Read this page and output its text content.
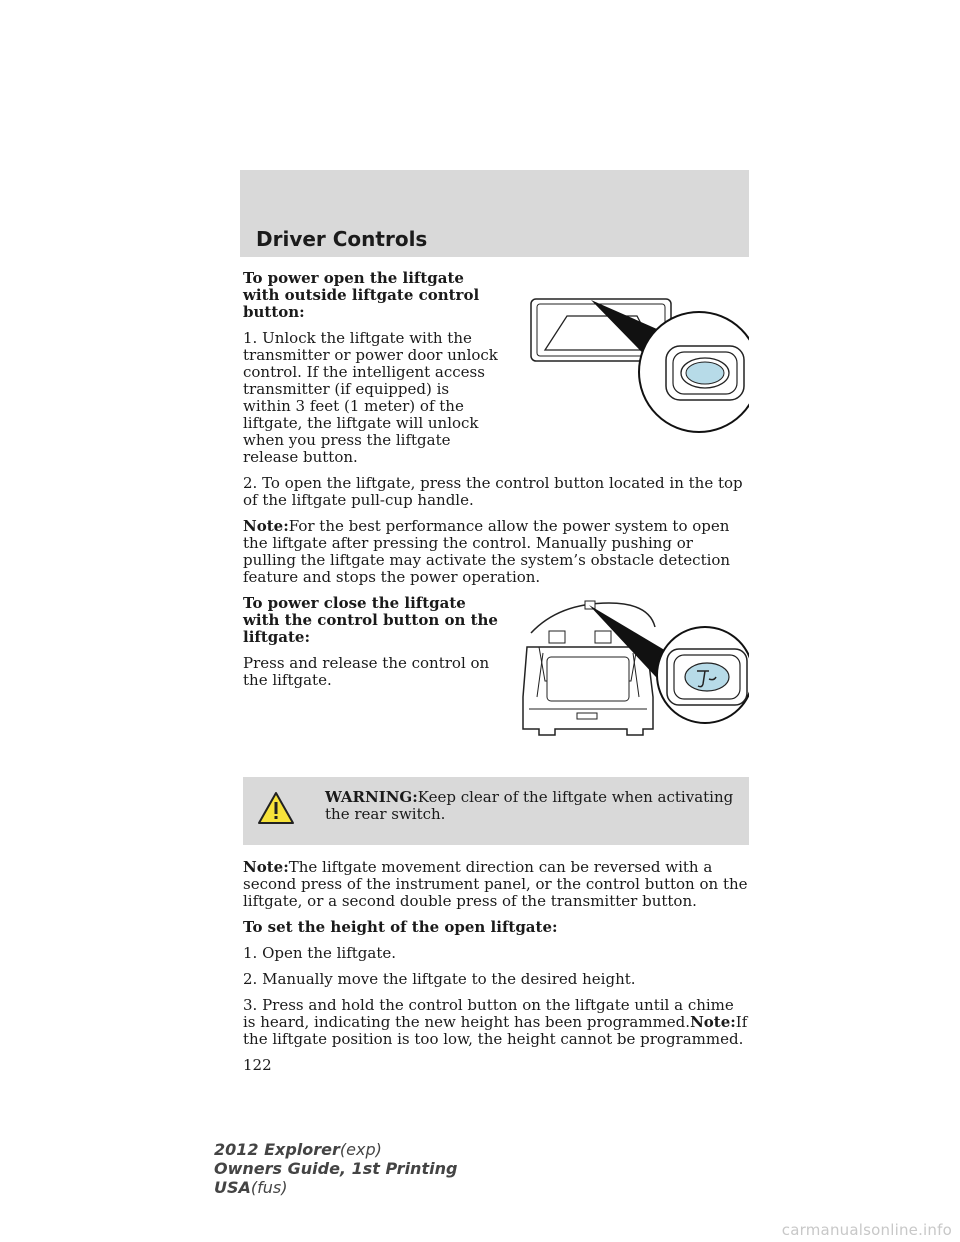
Driver Controls

To power open the liftgate with outside liftgate control button:

1. Unlock the liftgate with the transmitter or power door unlock control. If the intelligent access transmitter (if equipped) is within 3 feet (1 meter) of the liftgate, the liftgate will unlock when you press the liftgate release button.

2. To open the liftgate, press the control button located in the top of the liftgate pull-cup handle.

Note:For the best performance allow the power system to open the liftgate after pressing the control. Manually pushing or pulling the liftgate may activate the system’s obstacle detection feature and stops the power operation.

To power close the liftgate with the control button on the liftgate:

Press and release the control on the liftgate.

WARNING:Keep clear of the liftgate when activating the rear switch.

Note:The liftgate movement direction can be reversed with a second press of the instrument panel, or the control button on the liftgate, or a second double press of the transmitter button.

To set the height of the open liftgate:

1. Open the liftgate.

2. Manually move the liftgate to the desired height.

3. Press and hold the control button on the liftgate until a chime is heard, indicating the new height has been programmed.Note:If the liftgate position is too low, the height cannot be programmed.

122
2012 Explorer(exp)
Owners Guide, 1st Printing
USA(fus)
carmanualsonline.info
